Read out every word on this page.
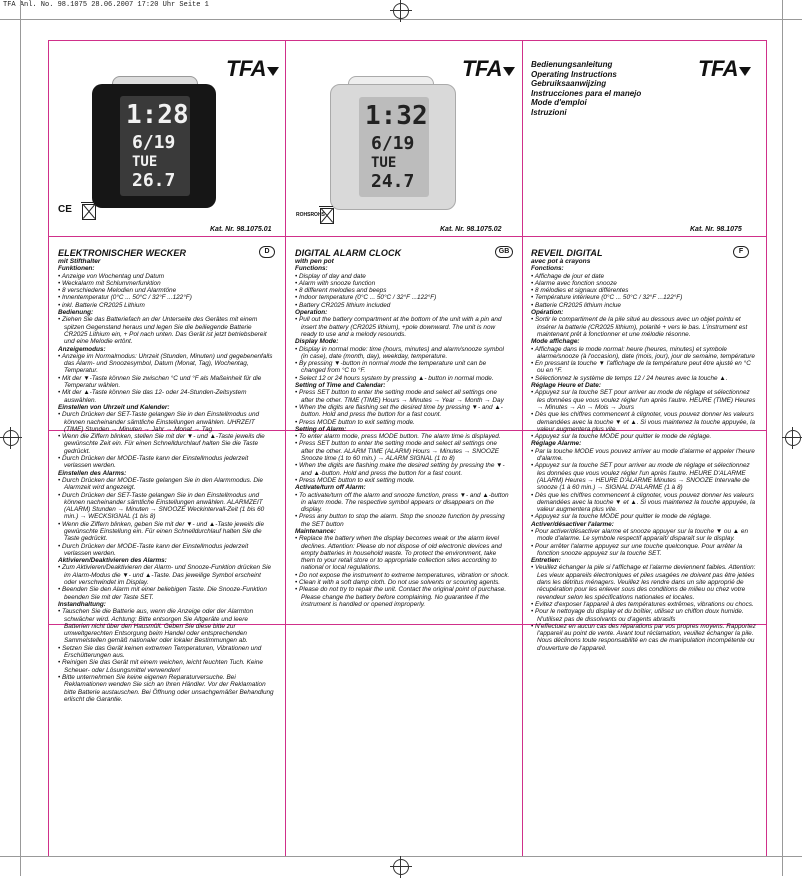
TFA Anl. No. 98.1075 28.06.2007 17:20 Uhr Seite 1
TFA
1:28
6/19
TUE
26.7
CE
Kat. Nr. 98.1075.01
TFA
1:32
6/19
TUE
24.7
ROHSROHS
Kat. Nr. 98.1075.02
TFA
Bedienungsanleitung
Operating Instructions
Gebruiksaanwijzing
Instrucciones para el manejo
Mode d'emploi
Istruzioni
Kat. Nr. 98.1075
D	GB	F
ELEKTRONISCHER WECKER
mit Stifthalter

Funktionen:

• Anzeige von Wochentag und Datum

• Weckalarm mit Schlummerfunktion

• 8 verschiedene Melodien und Alarmtöne

• Innentemperatur (0°C ... 50°C / 32°F ...122°F)

• inkl. Batterie CR2025 Lithium

Bedienung:

• Ziehen Sie das Batteriefach an der Unterseite des Gerätes mit einem spitzen Gegenstand heraus und legen Sie die beiliegende Batterie CR2025 Lithium ein, + Pol nach unten. Das Gerät ist jetzt betriebsbereit und eine Melodie ertönt.

Anzeigemodus:

• Anzeige im Normalmodus: Uhrzeit (Stunden, Minuten) und gegebenenfalls das Alarm- und Snoozesymbol, Datum (Monat, Tag), Wochentag, Temperatur.

• Mit der ▼-Taste können Sie zwischen °C und °F als Maßeinheit für die Temperatur wählen.

• Mit der ▲-Taste können Sie das 12- oder 24-Stunden-Zeitsystem auswählen.

Einstellen von Uhrzeit und Kalender:

• Durch Drücken der SET-Taste gelangen Sie in den Einstellmodus und können nacheinander sämtliche Einstellungen anwählen. UHRZEIT (TIME) Stunden → Minuten → Jahr → Monat → Tag

• Wenn die Ziffern blinken, stellen Sie mit der ▼- und ▲-Taste jeweils die gewünschte Zeit ein. Für einen Schnelldurchlauf halten Sie die Taste gedrückt.

• Durch Drücken der MODE-Taste kann der Einstellmodus jederzeit verlassen werden.

Einstellen des Alarms:

• Durch Drücken der MODE-Taste gelangen Sie in den Alarmmodus. Die Alarmzeit wird angezeigt.

• Durch Drücken der SET-Taste gelangen Sie in den Einstellmodus und können nacheinander sämtliche Einstellungen anwählen. ALARMZEIT (ALARM) Stunden → Minuten → SNOOZE Weckintervall-Zeit (1 bis 60 min.) → WECKSIGNAL (1 bis 8)

• Wenn die Ziffern blinken, geben Sie mit der ▼- und ▲-Taste jeweils die gewünschte Einstellung ein. Für einen Schnelldurchlauf halten Sie die Taste gedrückt.

• Durch Drücken der MODE-Taste kann der Einstellmodus jederzeit verlassen werden.

Aktivieren/Deaktivieren des Alarms:

• Zum Aktivieren/Deaktivieren der Alarm- und Snooze-Funktion drücken Sie im Alarm-Modus die ▼- und ▲-Taste. Das jeweilige Symbol erscheint oder verschwindet im Display.

• Beenden Sie den Alarm mit einer beliebigen Taste. Die Snooze-Funktion beenden Sie mit der Taste SET.

Instandhaltung:

• Tauschen Sie die Batterie aus, wenn die Anzeige oder der Alarmton schwächer wird. Achtung: Bitte entsorgen Sie Altgeräte und leere Batterien nicht über den Hausmüll. Geben Sie diese bitte zur umweltgerechten Entsorgung beim Handel oder entsprechenden Sammelstellen gemäß nationaler oder lokaler Bestimmungen ab.

• Setzen Sie das Gerät keinen extremen Temperaturen, Vibrationen und Erschütterungen aus.

• Reinigen Sie das Gerät mit einem weichen, leicht feuchten Tuch. Keine Scheuer- oder Lösungsmittel verwenden!

• Bitte unternehmen Sie keine eigenen Reparaturversuche. Bei Reklamationen wenden Sie sich an Ihren Händler. Vor der Reklamation bitte Batterie austauschen. Bei Öffnung oder unsachgemäßer Behandlung erlischt die Garantie.

DIGITAL ALARM CLOCK
with pen pot

Functions:

• Display of day and date

• Alarm with snooze function

• 8 different melodies and beeps

• Indoor temperature (0°C ... 50°C / 32°F ...122°F)

• Battery CR2025 lithium included

Operation:

• Pull out the battery compartment at the bottom of the unit with a pin and insert the battery (CR2025 lithium), +pole downward. The unit is now ready to use and a melody resounds.

Display Mode:

• Display in normal mode: time (hours, minutes) and alarm/snooze symbol (in case), date (month, day), weekday, temperature.

• By pressing ▼-button in normal mode the temperature unit can be changed from °C to °F.

• Select 12 or 24 hours system by pressing ▲- button in normal mode.

Setting of Time and Calendar:

• Press SET button to enter the setting mode and select all settings one after the other. TIME (TIME) Hours → Minutes → Year → Month → Day

• When the digits are flashing set the desired time by pressing ▼- and ▲-button. Hold and press the button for a fast count.

• Press MODE button to exit setting mode.

Setting of Alarm:

• To enter alarm mode, press MODE button. The alarm time is displayed.

• Press SET button to enter the setting mode and select all settings one after the other. ALARM TIME (ALARM) Hours → Minutes → SNOOZE Snooze time (1 to 60 min.) → ALARM SIGNAL (1 to 8)

• When the digits are flashing make the desired setting by pressing the ▼-and ▲-button. Hold and press the button for a fast count.

• Press MODE button to exit setting mode.

Activate/turn off Alarm:

• To activate/turn off the alarm and snooze function, press ▼- and ▲-button in alarm mode. The respective symbol appears or disappears on the display.

• Press any button to stop the alarm. Stop the snooze function by pressing the SET button

Maintenance:

• Replace the battery when the display becomes weak or the alarm level declines. Attention: Please do not dispose of old electronic devices and empty batteries in household waste. To protect the environment, take them to your retail store or to appropriate collection sites according to national or local regulations.

• Do not expose the instrument to extreme temperatures, vibration or shock.

• Clean it with a soft damp cloth. Do not use solvents or scouring agents.

• Please do not try to repair the unit. Contact the original point of purchase. Please change the battery before complaining. No guarantee if the instrument is handled or opened improperly.

REVEIL DIGITAL
avec pot à crayons

Fonctions:

• Affichage de jour et date

• Alarme avec fonction snooze

• 8 mélodies et signaux différentes

• Température intérieure (0°C ... 50°C / 32°F ...122°F)

• Batterie CR2025 lithium inclue

Opération:

• Sortir le compartiment de la pile situé au dessous avec un objet pointu et insérer la batterie (CR2025 lithium), polarité + vers le bas. L'instrument est maintenant prêt à fonctionner et une mélodie résonne.

Mode affichage:

• Affichage dans le mode normal: heure (heures, minutes) et symbole alarme/snooze (à l'occasion), date (mois, jour), jour de semaine, température

• En pressant la touche ▼ l'affichage de la température peut être ajusté en °C ou en °F.

• Sélectionnez le système de temps 12 / 24 heures avec la touche ▲.

Réglage Heure et Date:

• Appuyez sur la touche SET pour arriver au mode de réglage et sélectionnez les données que vous voulez régler l'un après l'autre. HEURE (TIME) Heures → Minutes → An → Mois → Jours

• Dès que les chiffres commencent à clignoter, vous pouvez donner les valeurs demandées avec la touche ▼ et ▲. Si vous maintenez la touche appuyée, la valeur augmentera plus vite.

• Appuyez sur la touche MODE pour quitter le mode de réglage.

Réglage Alarme:

• Par la touche MODE vous pouvez arriver au mode d'alarme et appeler l'heure d'alarme.

• Appuyez sur la touche SET pour arriver au mode de réglage et sélectionnez les données que vous voulez régler l'un après l'autre. HEURE D'ALARME (ALARM) Heures → HEURE D'ALARME Minutes → SNOOZE Intervalle de snooze (1 à 60 min.) → SIGNAL D'ALARME (1 à 8)

• Dès que les chiffres commencent à clignoter, vous pouvez donner les valeurs demandées avec la touche ▼ et ▲. Si vous maintenez la touche appuyée, la valeur augmentera plus vite.

• Appuyez sur la touche MODE pour quitter le mode de réglage.

Activer/désactiver l'alarme:

• Pour activer/désactiver alarme et snooze appuyer sur la touche ▼ ou ▲ en mode d'alarme. Le symbole respectif apparaît/ disparaît sur le display.

• Pour arrêter l'alarme appuyez sur une touche quelconque. Pour arrêter la fonction snooze appuyez sur la touche SET.

Entretien:

• Veuillez échanger la pile si l'affichage et l'alarme deviennent faibles. Attention: Les vieux appareils électroniques et piles usagées ne doivent pas être jetées dans les détritus ménagers. Veuillez les rendre dans un site approprié de récupération pour les enlever sous des conditions de milieu ou chez votre revendeur selon les spécifications nationales et locales.

• Evitez d'exposer l'appareil à des températures extrêmes, vibrations ou chocs.

• Pour le nettoyage du display et du boîtier, utilisez un chiffon doux humide. N'utilisez pas de dissolvants ou d'agents abrasifs

• N'effectuez en aucun cas des réparations par vos propres moyens. Rapportez l'appareil au point de vente. Avant tout réclamation, veuillez échanger la pile. Nous déclinons toute responsabilité en cas de manipulation incompétente ou d'ouverture de l'appareil.
